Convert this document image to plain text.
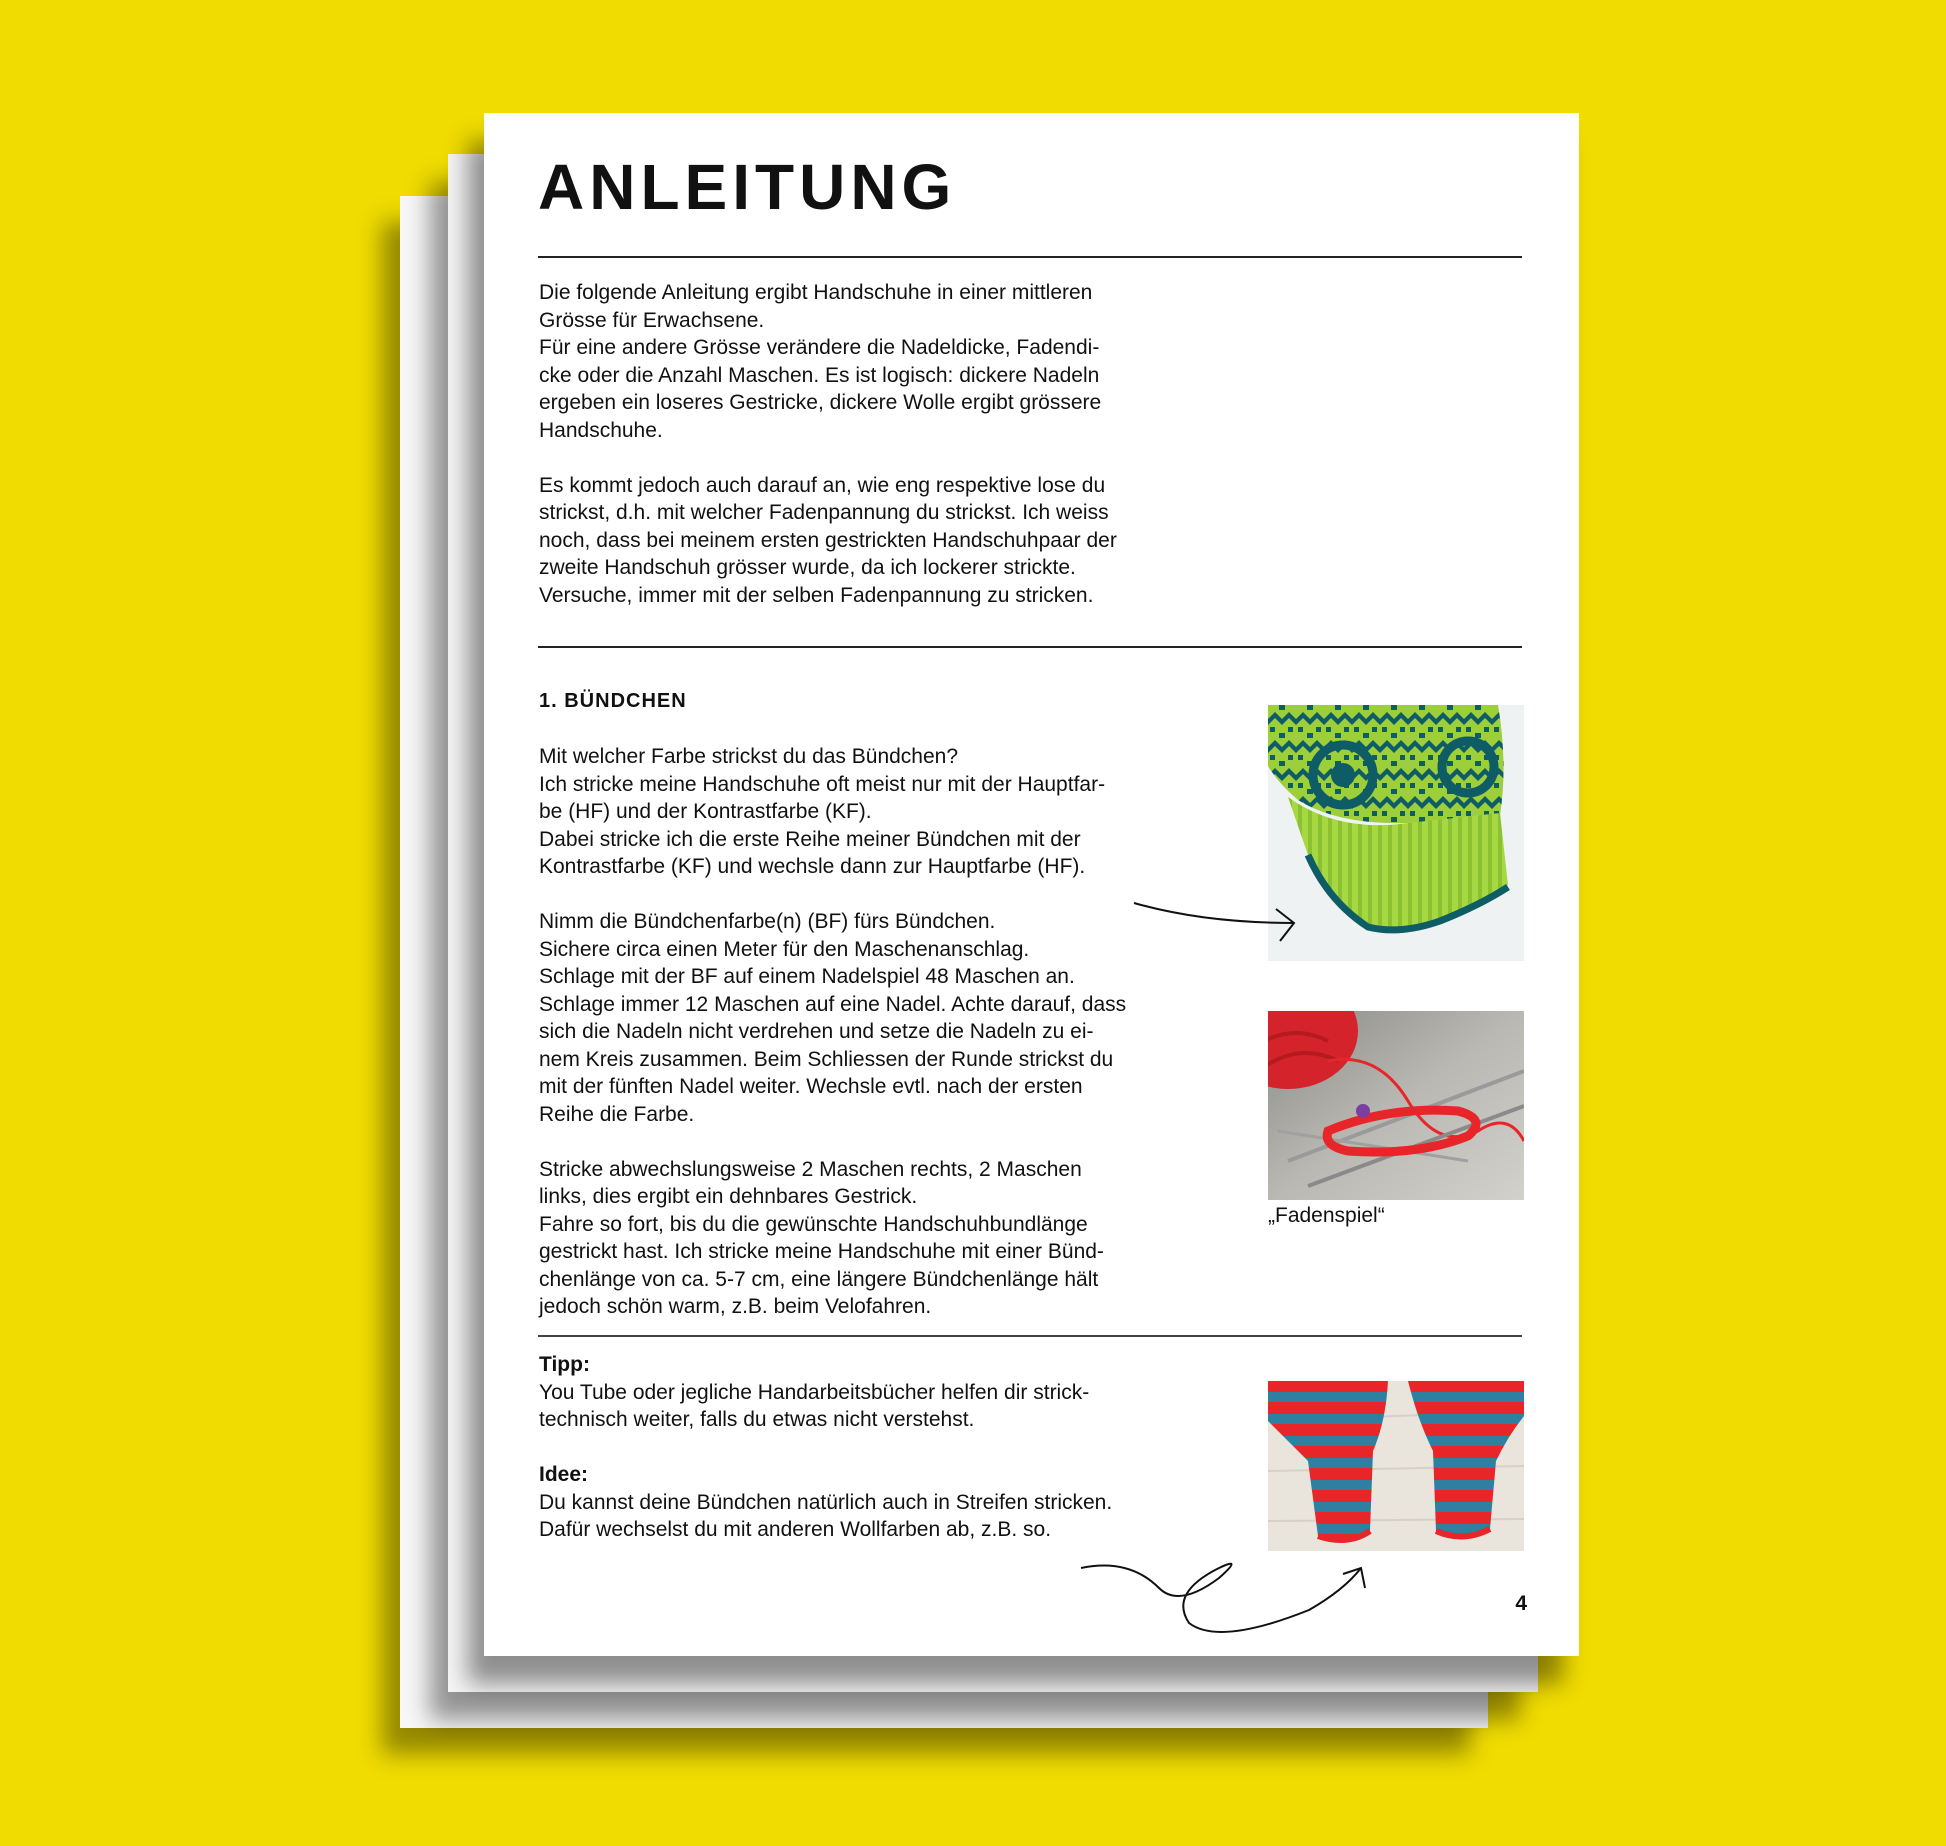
ANLEITUNG

Die folgende Anleitung ergibt Handschuhe in einer mittleren
Grösse für Erwachsene.
Für eine andere Grösse verändere die Nadeldicke, Fadendi-
cke oder die Anzahl Maschen. Es ist logisch: dickere Nadeln
ergeben ein loseres Gestricke, dickere Wolle ergibt grössere
Handschuhe.
Es kommt jedoch auch darauf an, wie eng respektive lose du
strickst, d.h. mit welcher Fadenpannung du strickst. Ich weiss
noch, dass bei meinem ersten gestrickten Handschuhpaar der
zweite Handschuh grösser wurde, da ich lockerer strickte.
Versuche, immer mit der selben Fadenpannung zu stricken.

1. BÜNDCHEN

Mit welcher Farbe strickst du das Bündchen?
Ich stricke meine Handschuhe oft meist nur mit der Hauptfar-
be (HF) und der Kontrastfarbe (KF).
Dabei stricke ich die erste Reihe meiner Bündchen mit der
Kontrastfarbe (KF) und wechsle dann zur Hauptfarbe (HF).
Nimm die Bündchenfarbe(n) (BF) fürs Bündchen.
Sichere circa einen Meter für den Maschenanschlag.
Schlage mit der BF auf einem Nadelspiel 48 Maschen an.
Schlage immer 12 Maschen auf eine Nadel. Achte darauf, dass
sich die Nadeln nicht verdrehen und setze die Nadeln zu ei-
nem Kreis zusammen. Beim Schliessen der Runde strickst du
mit der fünften Nadel weiter. Wechsle evtl. nach der ersten
Reihe die Farbe.
Stricke abwechslungsweise 2 Maschen rechts, 2 Maschen
links, dies ergibt ein dehnbares Gestrick.
Fahre so fort, bis du die gewünschte Handschuhbundlänge
gestrickt hast. Ich stricke meine Handschuhe mit einer Bünd-
chenlänge von ca. 5-7 cm, eine längere Bündchenlänge hält
jedoch schön warm, z.B. beim Velofahren.

Tipp:
You Tube oder jegliche Handarbeitsbücher helfen dir strick-
technisch weiter, falls du etwas nicht verstehst.
Idee:
Du kannst deine Bündchen natürlich auch in Streifen stricken.
Dafür wechselst du mit anderen Wollfarben ab, z.B. so.

„Fadenspiel“
4
